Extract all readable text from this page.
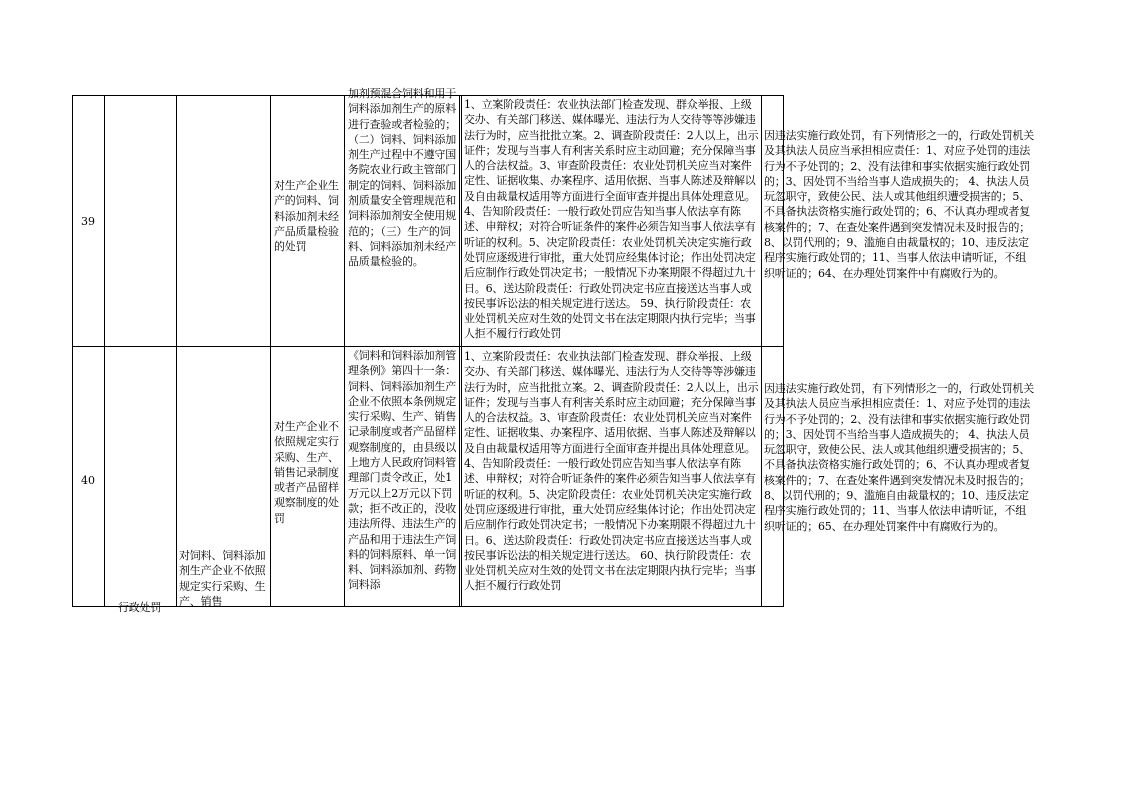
39
对生产企业生产的饲料、饲料添加剂未经产品质量检验的处罚
加剂预混合饲料和用于饲料添加剂生产的原料进行查验或者检验的；（二）饲料、饲料添加剂生产过程中不遵守国务院农业行政主管部门制定的饲料、饲料添加剂质量安全管理规范和饲料添加剂安全使用规范的；（三）生产的饲料、饲料添加剂未经产品质量检验的。
1、立案阶段责任：农业执法部门检查发现、群众举报、上级交办、有关部门移送、媒体曝光、违法行为人交待等等涉嫌违法行为时，应当批批立案。2、调查阶段责任：2人以上，出示证件；发现与当事人有利害关系时应主动回避；充分保障当事人的合法权益。3、审查阶段责任：农业处罚机关应当对案件定性、证据收集、办案程序、适用依据、当事人陈述及辩解以及自由裁量权适用等方面进行全面审查并提出具体处理意见。4、告知阶段责任：一般行政处罚应告知当事人依法享有陈述、申辩权；对符合听证条件的案件必须告知当事人依法享有听证的权利。5、决定阶段责任：农业处罚机关决定实施行政处罚应逐级进行审批，重大处罚应经集体讨论；作出处罚决定后应制作行政处罚决定书；一般情况下办案期限不得超过九十日。6、送达阶段责任：行政处罚决定书应直接送达当事人或按民事诉讼法的相关规定进行送达。 59、执行阶段责任：农业处罚机关应对生效的处罚文书在法定期限内执行完毕；当事人拒不履行行政处罚
因违法实施行政处罚，有下列情形之一的，行政处罚机关及其执法人员应当承担相应责任：1、对应予处罚的违法行为不予处罚的；2、没有法律和事实依据实施行政处罚的；3、因处罚不当给当事人造成损失的； 4、执法人员玩忽职守，致使公民、法人或其他组织遭受损害的；5、不具备执法资格实施行政处罚的；6、不认真办理或者复核案件的；7、在查处案件遇到突发情况未及时报告的；8、以罚代刑的；9、滥施自由裁量权的；10、违反法定程序实施行政处罚的；11、当事人依法申请听证，不组织听证的；64、在办理处罚案件中有腐败行为的。
40
对生产企业不依照规定实行采购、生产、销售记录制度或者产品留样观察制度的处罚
《饲料和饲料添加剂管理条例》第四十一条：饲料、饲料添加剂生产企业不依照本条例规定实行采购、生产、销售记录制度或者产品留样观察制度的，由县级以上地方人民政府饲料管理部门责令改正，处1万元以上2万元以下罚款；拒不改正的，没收违法所得、违法生产的产品和用于违法生产饲料的饲料原料、单一饲料、饲料添加剂、药物饲料添
1、立案阶段责任：农业执法部门检查发现、群众举报、上级交办、有关部门移送、媒体曝光、违法行为人交待等等涉嫌违法行为时，应当批批立案。2、调查阶段责任：2人以上，出示证件；发现与当事人有利害关系时应主动回避；充分保障当事人的合法权益。3、审查阶段责任：农业处罚机关应当对案件定性、证据收集、办案程序、适用依据、当事人陈述及辩解以及自由裁量权适用等方面进行全面审查并提出具体处理意见。4、告知阶段责任：一般行政处罚应告知当事人依法享有陈述、申辩权；对符合听证条件的案件必须告知当事人依法享有听证的权利。5、决定阶段责任：农业处罚机关决定实施行政处罚应逐级进行审批，重大处罚应经集体讨论；作出处罚决定后应制作行政处罚决定书；一般情况下办案期限不得超过九十日。6、送达阶段责任：行政处罚决定书应直接送达当事人或按民事诉讼法的相关规定进行送达。 60、执行阶段责任：农业处罚机关应对生效的处罚文书在法定期限内执行完毕；当事人拒不履行行政处罚
因违法实施行政处罚，有下列情形之一的，行政处罚机关及其执法人员应当承担相应责任：1、对应予处罚的违法行为不予处罚的；2、没有法律和事实依据实施行政处罚的；3、因处罚不当给当事人造成损失的； 4、执法人员玩忽职守，致使公民、法人或其他组织遭受损害的；5、不具备执法资格实施行政处罚的；6、不认真办理或者复核案件的；7、在查处案件遇到突发情况未及时报告的；8、以罚代刑的；9、滥施自由裁量权的；10、违反法定程序实施行政处罚的；11、当事人依法申请听证，不组织听证的；65、在办理处罚案件中有腐败行为的。
对饲料、饲料添加剂生产企业不依照规定实行采购、生产、销售
行政处罚
